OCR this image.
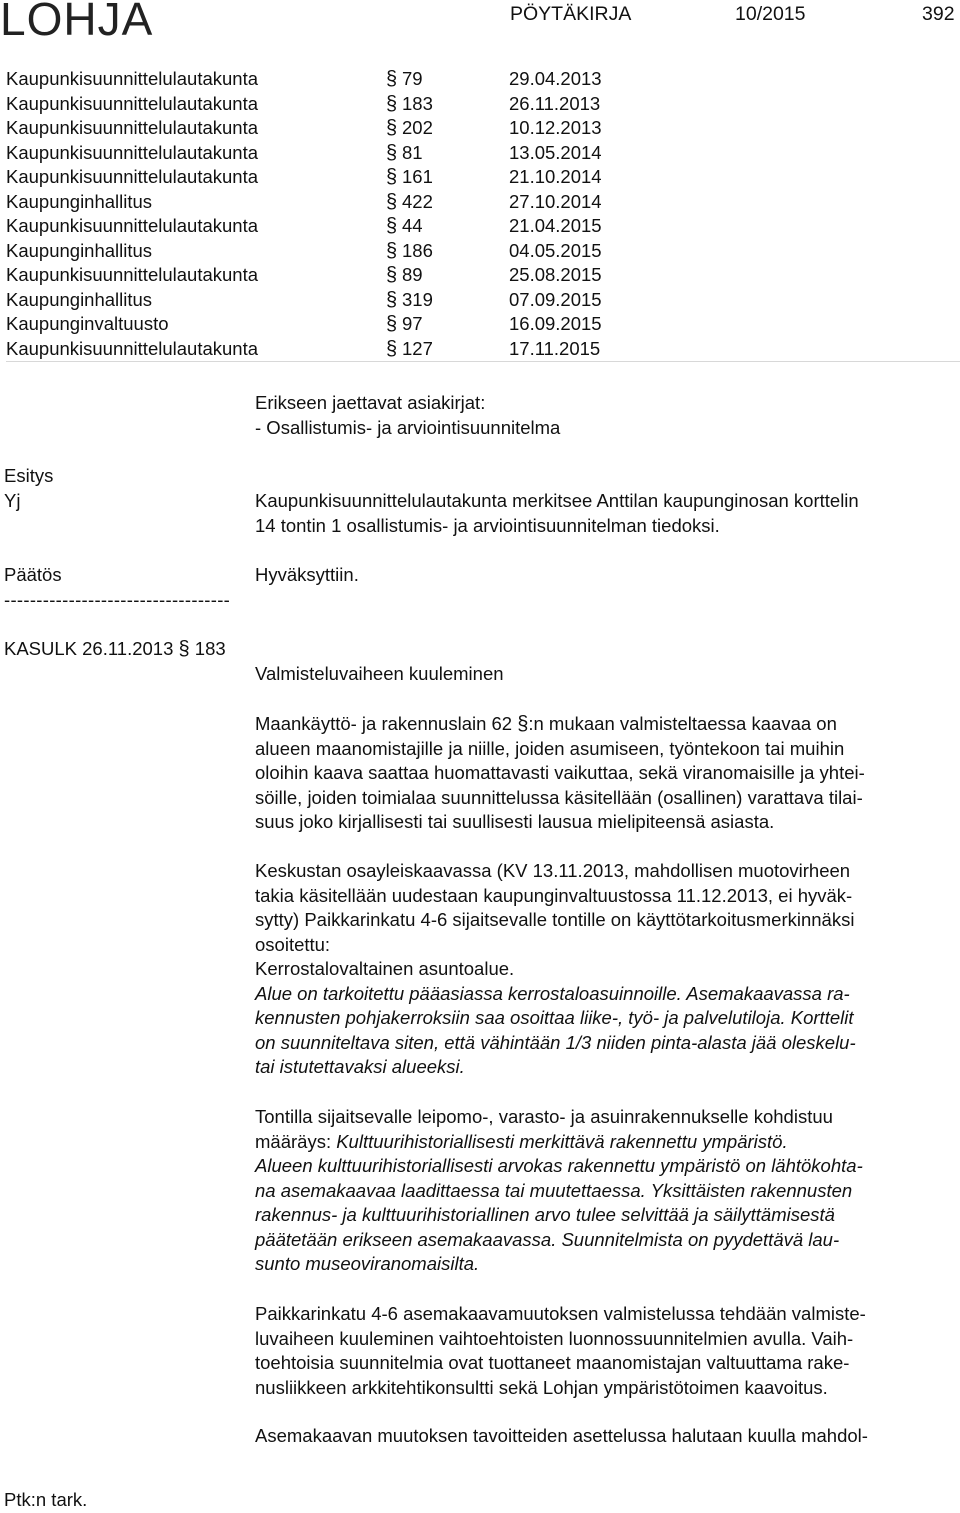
LOHJA	PÖYTÄKIRJA	10/2015	392
Kaupunkisuunnittelulautakunta	§ 79	29.04.2013
Kaupunkisuunnittelulautakunta	§ 183	26.11.2013
Kaupunkisuunnittelulautakunta	§ 202	10.12.2013
Kaupunkisuunnittelulautakunta	§ 81	13.05.2014
Kaupunkisuunnittelulautakunta	§ 161	21.10.2014
Kaupunginhallitus	§ 422	27.10.2014
Kaupunkisuunnittelulautakunta	§ 44	21.04.2015
Kaupunginhallitus	§ 186	04.05.2015
Kaupunkisuunnittelulautakunta	§ 89	25.08.2015
Kaupunginhallitus	§ 319	07.09.2015
Kaupunginvaltuusto	§ 97	16.09.2015
Kaupunkisuunnittelulautakunta	§ 127	17.11.2015

Erikseen jaettavat asiakirjat:

- Osallistumis- ja arviointisuunnitelma

Esitys
Yj	Kaupunkisuunnittelulautakunta merkitsee Anttilan kaupunginosan korttelin

14 tontin 1 osallistumis- ja arviointisuunnitelman tiedoksi.

Päätös	Hyväksyttiin.
-----------------------------------
KASULK 26.11.2013 § 183
Valmisteluvaiheen kuuleminen

Maankäyttö- ja rakennuslain 62 §:n mukaan valmisteltaessa kaavaa on

alueen maanomistajille ja niille, joiden asumiseen, työntekoon tai muihin

oloihin kaava saattaa huomattavasti vaikuttaa, sekä viranomaisille ja yhtei-

söille, joiden toimialaa suunnittelussa käsitellään (osallinen) varattava tilai-

suus joko kirjallisesti tai suullisesti lausua mielipiteensä asiasta.

Keskustan osayleiskaavassa (KV 13.11.2013, mahdollisen muotovirheen

takia käsitellään uudestaan kaupunginvaltuustossa 11.12.2013, ei hyväk-

sytty) Paikkarinkatu 4-6 sijaitsevalle tontille on käyttötarkoitusmerkinnäksi

osoitettu:

Kerrostalovaltainen asuntoalue.

Alue on tarkoitettu pääasiassa kerrostaloasuinnoille. Asemakaavassa ra-

kennusten pohjakerroksiin saa osoittaa liike-, työ- ja palvelutiloja. Korttelit

on suunniteltava siten, että vähintään 1/3 niiden pinta-alasta jää oleskelu-

tai istutettavaksi alueeksi.

Tontilla sijaitsevalle leipomo-, varasto- ja asuinrakennukselle kohdistuu

määräys: Kulttuurihistoriallisesti merkittävä rakennettu ympäristö.

Alueen kulttuurihistoriallisesti arvokas rakennettu ympäristö on lähtökohta-

na asemakaavaa laadittaessa tai muutettaessa. Yksittäisten rakennusten

rakennus- ja kulttuurihistoriallinen arvo tulee selvittää ja säilyttämisestä

päätetään erikseen asemakaavassa. Suunnitelmista on pyydettävä lau-

sunto museoviranomaisilta.

Paikkarinkatu 4-6 asemakaavamuutoksen valmistelussa tehdään valmiste-

luvaiheen kuuleminen vaihtoehtoisten luonnossuunnitelmien avulla. Vaih-

toehtoisia suunnitelmia ovat tuottaneet maanomistajan valtuuttama rake-

nusliikkeen arkkitehtikonsultti sekä Lohjan ympäristötoimen kaavoitus.

Asemakaavan muutoksen tavoitteiden asettelussa halutaan kuulla mahdol-

Ptk:n tark.
